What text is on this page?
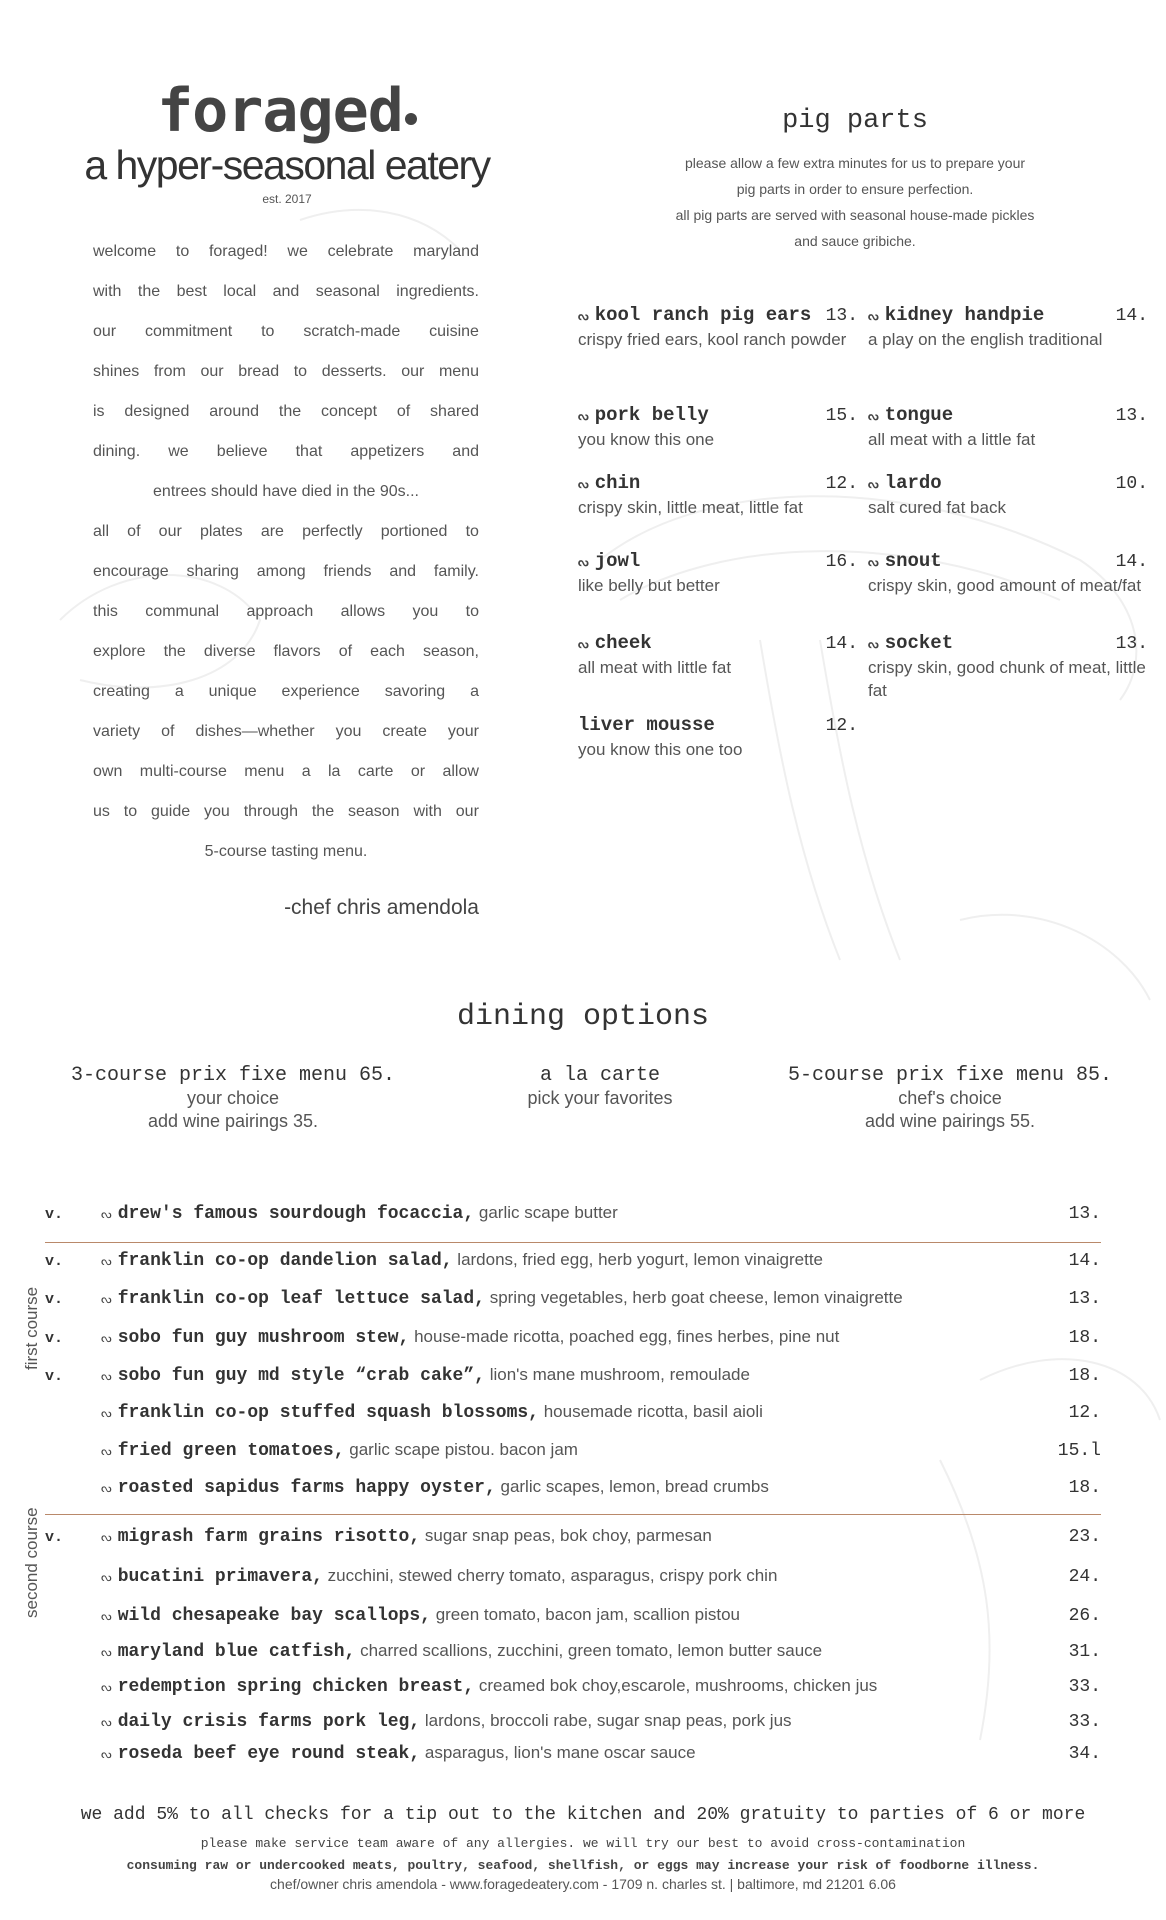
foraged
a hyper-seasonal eatery
est. 2017
welcome to foraged! we celebrate maryland
with the best local and seasonal ingredients.
our commitment to scratch-made cuisine
shines from our bread to desserts. our menu
is designed around the concept of shared
dining. we believe that appetizers and
entrees should have died in the 90s...
all of our plates are perfectly portioned to
encourage sharing among friends and family.
this communal approach allows you to
explore the diverse flavors of each season,
creating a unique experience savoring a
variety of dishes—whether you create your
own multi-course menu a la carte or allow
us to guide you through the season with our
5-course tasting menu.
-chef chris amendola
pig parts
please allow a few extra minutes for us to prepare your
pig parts in order to ensure perfection.
all pig parts are served with seasonal house-made pickles
and sauce gribiche.
ᔓ kool ranch pig ears 13.
crispy fried ears, kool ranch powder
ᔓ kidney handpie	14.
a play on the english traditional
ᔓ pork belly	15.
you know this one
ᔓ tongue	13.
all meat with a little fat
ᔓ chin	12.
crispy skin, little meat, little fat
ᔓ lardo	10.
salt cured fat back
ᔓ jowl	16.
like belly but better
ᔓ snout	14.
crispy skin, good amount of meat/fat
ᔓ cheek	14.
all meat with little fat
ᔓ socket	13.
crispy skin, good chunk of meat, little fat
liver mousse	12.
you know this one too
dining options
3-course prix fixe menu 65.
your choice
add wine pairings 35.
a la carte
pick your favorites
5-course prix fixe menu 85.
chef's choice
add wine pairings 55.
v.	ᔓ drew's famous sourdough focaccia, garlic scape butter	13.
v.	ᔓ franklin co-op dandelion salad, lardons, fried egg, herb yogurt, lemon vinaigrette	14.
v.	ᔓ franklin co-op leaf lettuce salad, spring vegetables, herb goat cheese, lemon vinaigrette	13.
v.	ᔓ sobo fun guy mushroom stew, house-made ricotta, poached egg, fines herbes, pine nut	18.
v.	ᔓ sobo fun guy md style “crab cake”, lion's mane mushroom, remoulade	18.
ᔓ franklin co-op stuffed squash blossoms, housemade ricotta, basil aioli	12.
ᔓ fried green tomatoes, garlic scape pistou. bacon jam	15.l
ᔓ roasted sapidus farms happy oyster, garlic scapes, lemon, bread crumbs	18.
v.	ᔓ migrash farm grains risotto, sugar snap peas, bok choy, parmesan	23.
ᔓ bucatini primavera, zucchini, stewed cherry tomato, asparagus, crispy pork chin	24.
ᔓ wild chesapeake bay scallops, green tomato, bacon jam, scallion pistou	26.
ᔓ maryland blue catfish, charred scallions, zucchini, green tomato, lemon butter sauce	31.
ᔓ redemption spring chicken breast, creamed bok choy,escarole, mushrooms, chicken jus	33.
ᔓ daily crisis farms pork leg, lardons, broccoli rabe, sugar snap peas, pork jus	33.
ᔓ roseda beef eye round steak, asparagus, lion's mane oscar sauce	34.
first course
second course
we add 5% to all checks for a tip out to the kitchen and 20% gratuity to parties of 6 or more
please make service team aware of any allergies. we will try our best to avoid cross-contamination
consuming raw or undercooked meats, poultry, seafood, shellfish, or eggs may increase your risk of foodborne illness.
chef/owner chris amendola - www.foragedeatery.com - 1709 n. charles st. | baltimore, md 21201 6.06
